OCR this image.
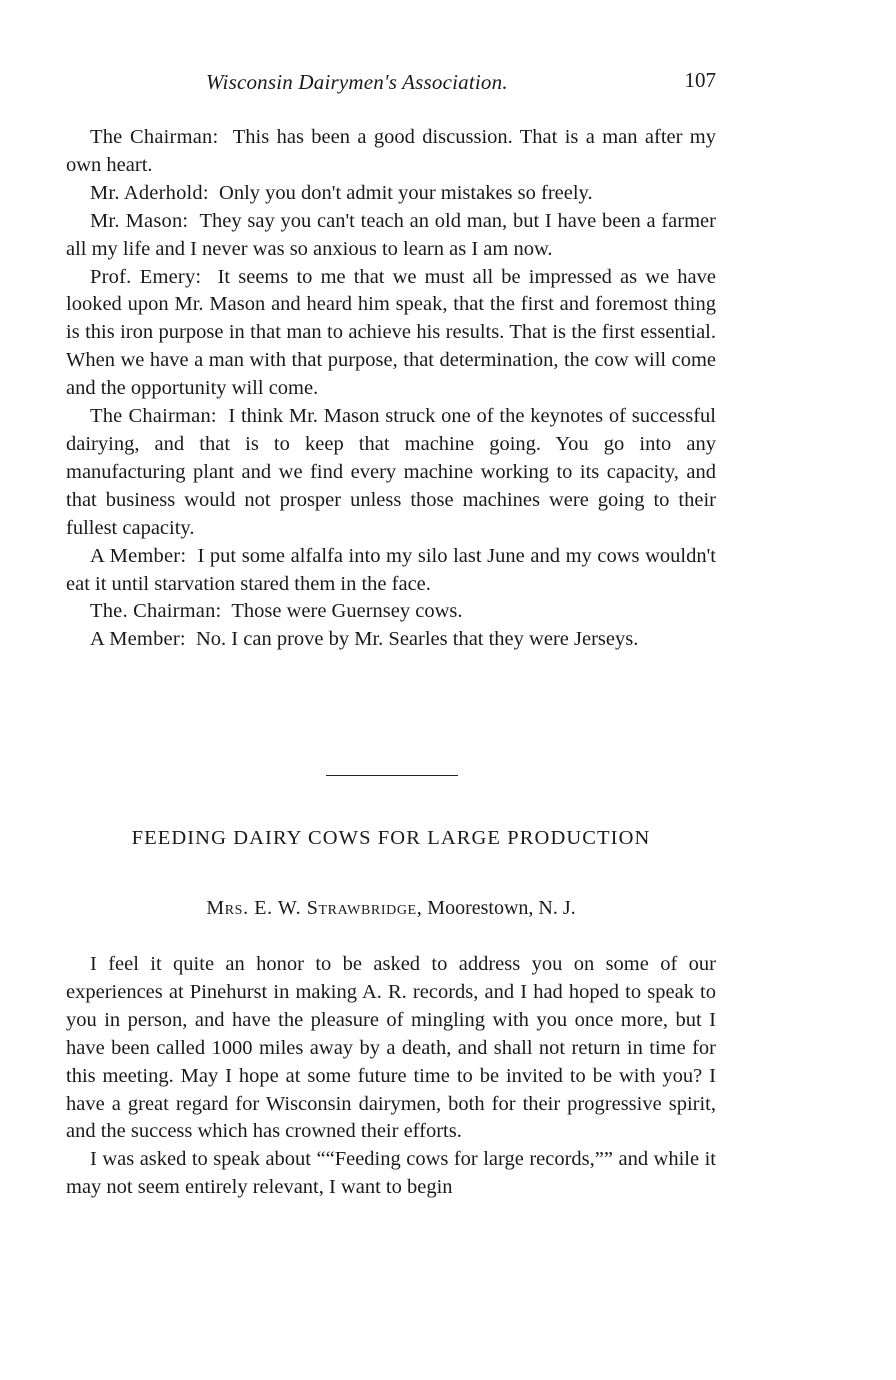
Wisconsin Dairymen's Association.	107

The Chairman: This has been a good discussion. That is a man after my own heart.

Mr. Aderhold: Only you don't admit your mistakes so freely.

Mr. Mason: They say you can't teach an old man, but I have been a farmer all my life and I never was so anxious to learn as I am now.

Prof. Emery: It seems to me that we must all be impressed as we have looked upon Mr. Mason and heard him speak, that the first and foremost thing is this iron purpose in that man to achieve his results. That is the first essential. When we have a man with that purpose, that determination, the cow will come and the opportunity will come.

The Chairman: I think Mr. Mason struck one of the keynotes of successful dairying, and that is to keep that machine going. You go into any manufacturing plant and we find every machine working to its capacity, and that business would not prosper unless those machines were going to their fullest capacity.

A Member: I put some alfalfa into my silo last June and my cows wouldn't eat it until starvation stared them in the face.

The. Chairman: Those were Guernsey cows.

A Member: No. I can prove by Mr. Searles that they were Jerseys.

FEEDING DAIRY COWS FOR LARGE PRODUCTION
Mrs. E. W. Strawbridge, Moorestown, N. J.

I feel it quite an honor to be asked to address you on some of our experiences at Pinehurst in making A. R. records, and I had hoped to speak to you in person, and have the pleasure of mingling with you once more, but I have been called 1000 miles away by a death, and shall not return in time for this meeting. May I hope at some future time to be invited to be with you? I have a great regard for Wisconsin dairymen, both for their progressive spirit, and the success which has crowned their efforts.

I was asked to speak about ““Feeding cows for large records,”” and while it may not seem entirely relevant, I want to begin
